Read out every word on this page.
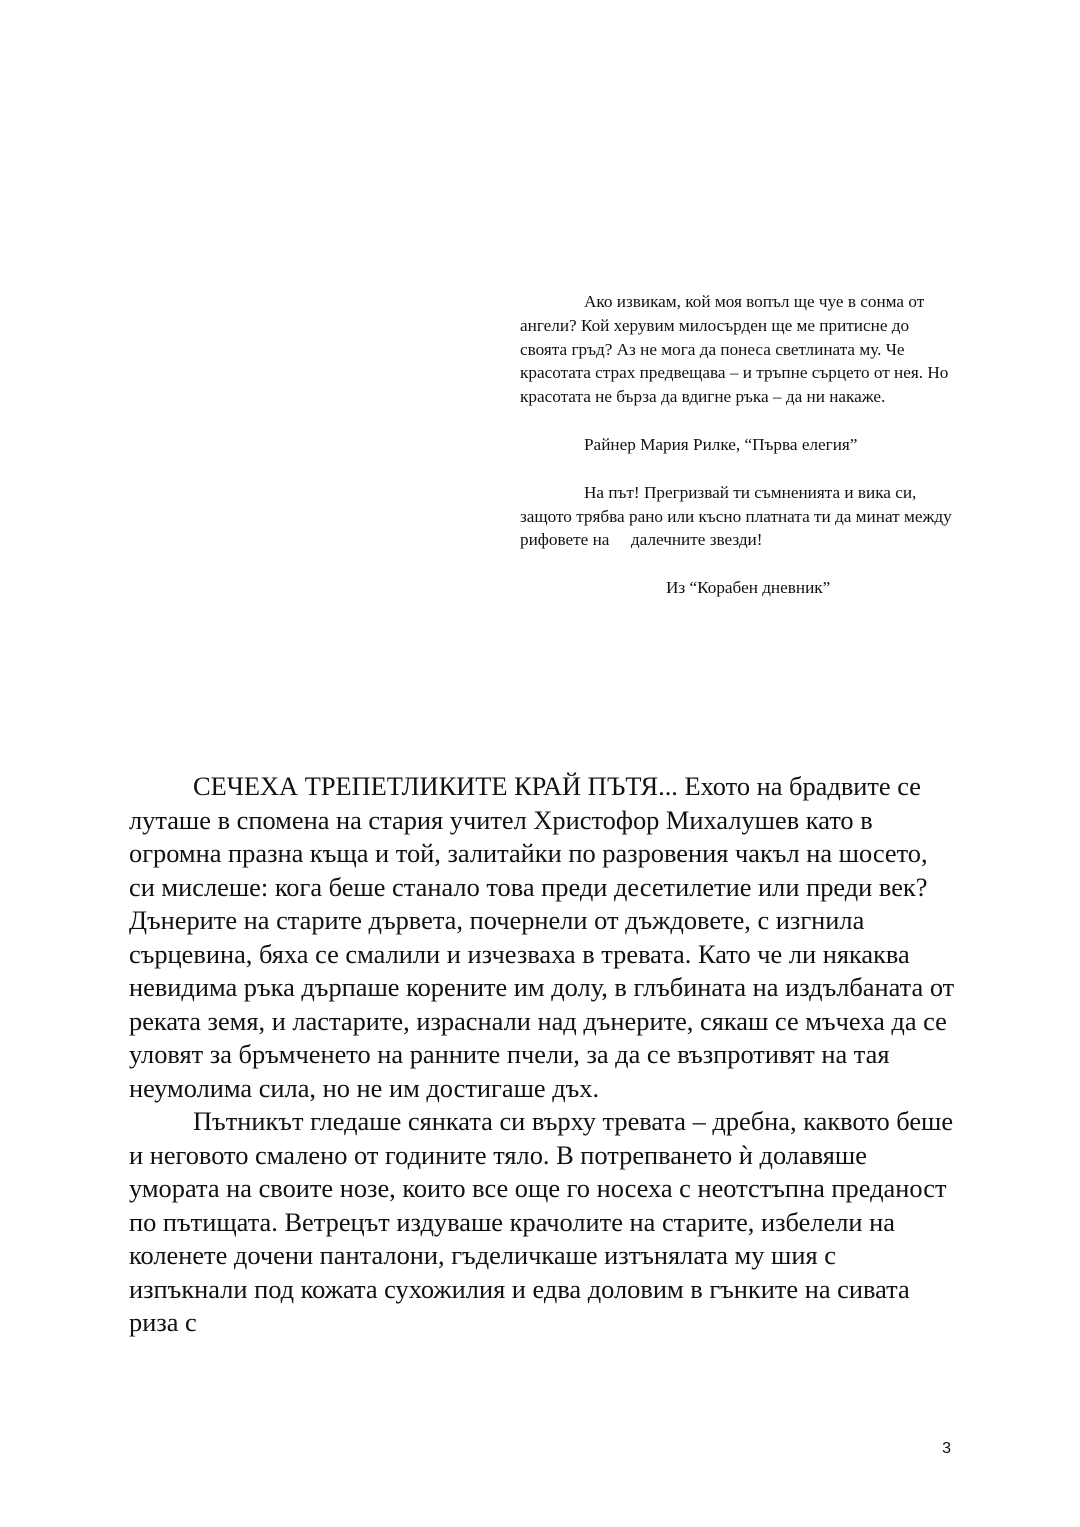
Ако извикам, кой моя вопъл ще чуе в сонма от ангели? Кой херувим милосърден ще ме притисне до своята гръд? Аз не мога да понеса светлината му. Че красотата страх предвещава – и тръпне сърцето от нея. Но красотата не бърза да вдигне ръка – да ни накаже.

Райнер Мария Рилке, “Първа елегия”

На път! Прегризвай ти съмненията и вика си, защото трябва рано или късно платната ти да минат между рифовете на     далечните звезди!

Из “Корабен дневник”

СЕЧЕХА ТРЕПЕТЛИКИТЕ КРАЙ ПЪТЯ... Ехото на брадвите се луташе в спомена на стария учител Христофор Михалушев като в огромна празна къща и той, залитайки по разровения чакъл на шосето, си мислеше: кога беше станало това преди десетилетие или преди век? Дънерите на старите дървета, почернели от дъждовете, с изгнила сърцевина, бяха се смалили и изчезваха в тревата. Като че ли някаква невидима ръка дърпаше корените им долу, в глъбината на издълбаната от реката земя, и ластарите, израснали над дънерите, сякаш се мъчеха да се уловят за бръмченето на ранните пчели, за да се възпротивят на тая неумолима сила, но не им достигаше дъх.

Пътникът гледаше сянката си върху тревата – дребна, каквото беше и неговото смалено от годините тяло. В потрепването ѝ долавяше умората на своите нозе, които все още го носеха с неотстъпна преданост по пътищата. Ветрецът издуваше крачолите на старите, избелели на коленете дочени панталони, гъделичкаше изтънялата му шия с изпъкнали под кожата сухожилия и едва доловим в гънките на сивата риза с

3
